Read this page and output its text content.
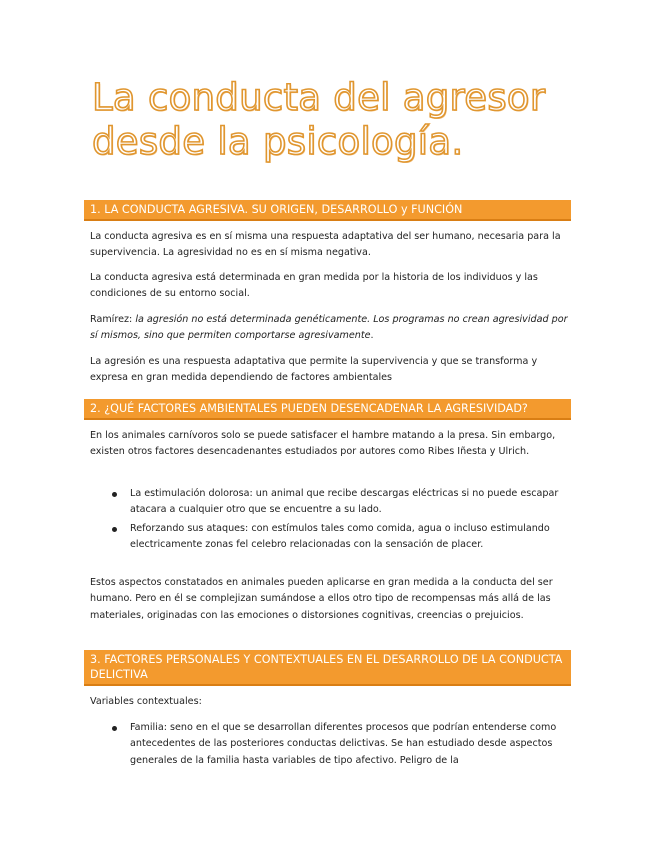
La conducta del agresor
desde la psicología.
1. LA CONDUCTA AGRESIVA. SU ORIGEN, DESARROLLO y FUNCIÓN

La conducta agresiva es en sí misma una respuesta adaptativa del ser humano, necesaria para la supervivencia. La agresividad no es en sí misma negativa.

La conducta agresiva está determinada en gran medida por la historia de los individuos y las condiciones de su entorno social.

Ramírez: la agresión no está determinada genéticamente. Los programas no crean agresividad por sí mismos, sino que permiten comportarse agresivamente.

La agresión es una respuesta adaptativa que permite la supervivencia y que se transforma y expresa en gran medida dependiendo de factores ambientales

2. ¿QUÉ FACTORES AMBIENTALES PUEDEN DESENCADENAR LA AGRESIVIDAD?

En los animales carnívoros solo se puede satisfacer el hambre matando a la presa. Sin embargo, existen otros factores desencadenantes estudiados por autores como Ribes Iñesta y Ulrich.

La estimulación dolorosa: un animal que recibe descargas eléctricas si no puede escapar atacara a cualquier otro que se encuentre a su lado.
Reforzando sus ataques: con estímulos tales como comida, agua o incluso estimulando electricamente zonas fel celebro relacionadas con la sensación de placer.

Estos aspectos constatados en animales pueden aplicarse en gran medida a la conducta del ser humano. Pero en él se complejizan sumándose a ellos otro tipo de recompensas más allá de las materiales, originadas con las emociones o distorsiones cognitivas, creencias o prejuicios.

3. FACTORES PERSONALES Y CONTEXTUALES EN EL DESARROLLO DE LA CONDUCTA DELICTIVA

Variables contextuales:

Familia: seno en el que se desarrollan diferentes procesos que podrían entenderse como antecedentes de las posteriores conductas delictivas. Se han estudiado desde aspectos generales de la familia hasta variables de tipo afectivo. Peligro de la
